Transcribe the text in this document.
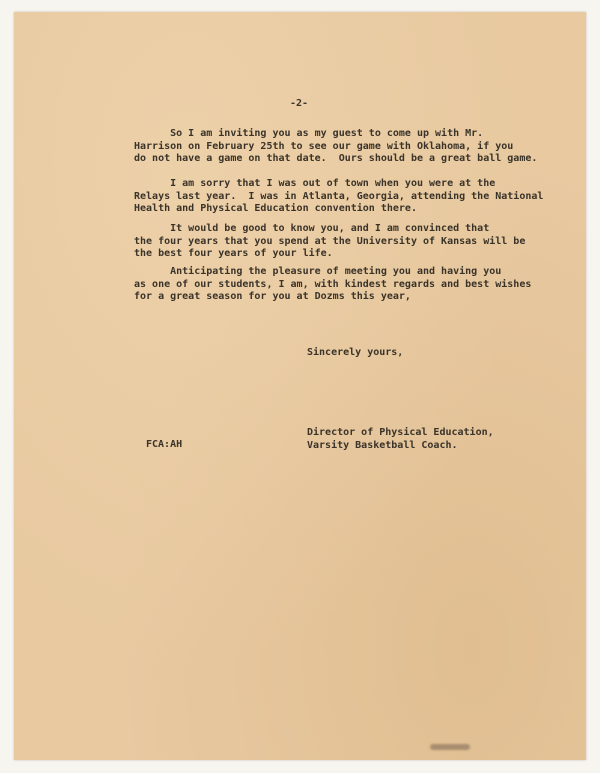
-2-
So I am inviting you as my guest to come up with Mr.
Harrison on February 25th to see our game with Oklahoma, if you
do not have a game on that date.  Ours should be a great ball game.
I am sorry that I was out of town when you were at the
Relays last year.  I was in Atlanta, Georgia, attending the National
Health and Physical Education convention there.
It would be good to know you, and I am convinced that
the four years that you spend at the University of Kansas will be
the best four years of your life.
Anticipating the pleasure of meeting you and having you
as one of our students, I am, with kindest regards and best wishes
for a great season for you at Dozms this year,
Sincerely yours,
Director of Physical Education,
Varsity Basketball Coach.
FCA:AH
